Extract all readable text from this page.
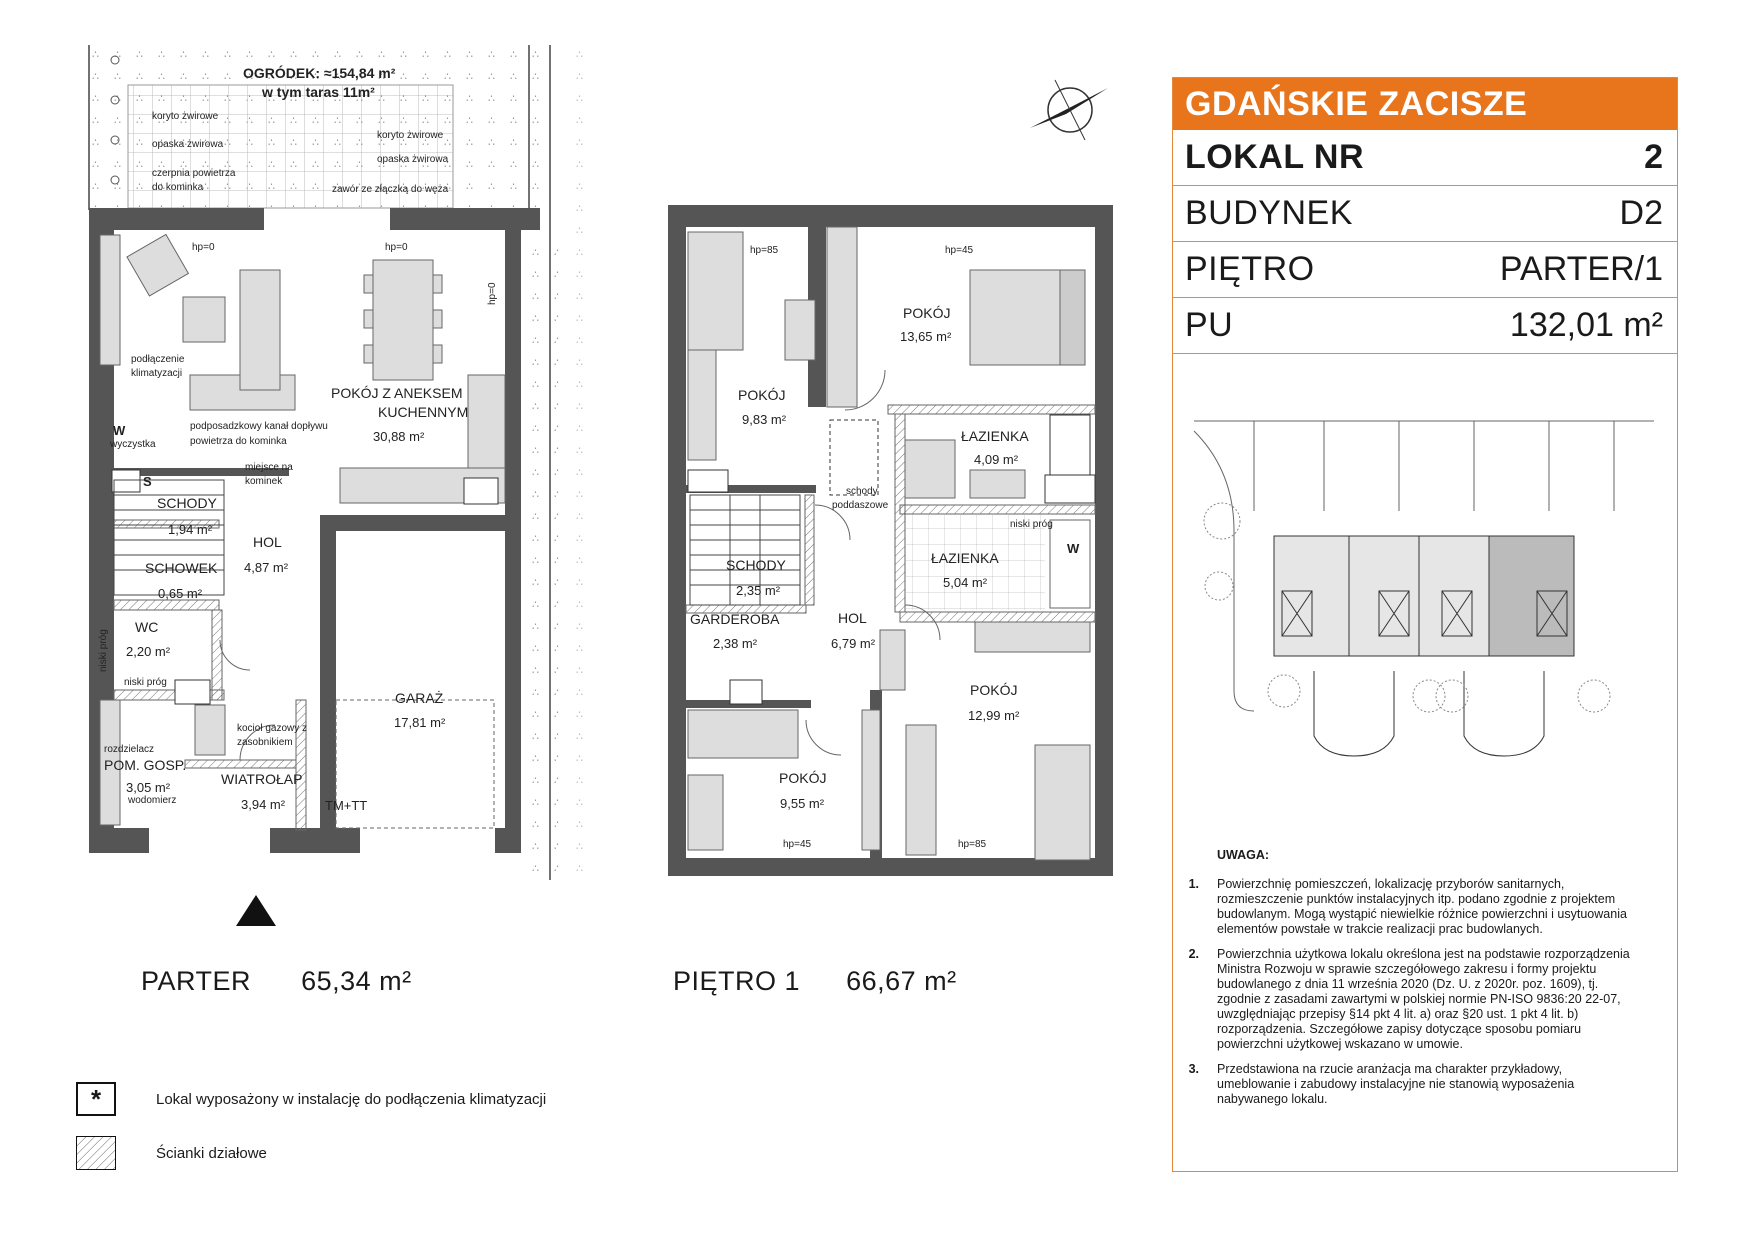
OGRÓDEK: ≈154,84 m²
w tym taras 11m²
koryto żwirowe
opaska żwirowa
czerpnia powietrza
do kominka
koryto żwirowe
opaska żwirowa
zawór ze złączką do węża
hp=0	hp=0
hp=0
podłączenie
klimatyzacji
podposadzkowy kanał dopływu
powietrza do kominka
wyczystka
miejsce na
kominek
kocioł gazowy z
zasobnikiem
rozdzielacz
wodomierz
niski próg
niski próg
TM+TT
W
S
POKÓJ Z ANEKSEM
KUCHENNYM
30,88 m²
SCHODY
1,94 m²
HOL
4,87 m²
SCHOWEK
0,65 m²
WC
2,20 m²
POM. GOSP.
3,05 m²
WIATROŁAP
3,94 m²
GARAŻ
17,81 m²
hp=85	hp=45
hp=45	hp=85
schody
poddaszowe
niski próg
W
POKÓJ
13,65 m²
POKÓJ
9,83 m²
ŁAZIENKA
4,09 m²
ŁAZIENKA
5,04 m²
SCHODY
2,35 m²
GARDEROBA
2,38 m²
HOL
6,79 m²
POKÓJ
12,99 m²
POKÓJ
9,55 m²
PARTER 65,34 m²	PIĘTRO 1 66,67 m²
*	Lokal wyposażony w instalację do podłączenia klimatyzacji
Ścianki działowe
GDAŃSKIE ZACISZE
LOKAL NR	2
BUDYNEK	D2
PIĘTRO	PARTER/1
PU	132,01 m²
UWAGA:
1.	Powierzchnię pomieszczeń, lokalizację przyborów sanitarnych, rozmieszczenie punktów instalacyjnych itp. podano zgodnie z projektem budowlanym. Mogą wystąpić niewielkie różnice powierzchni i usytuowania elementów powstałe w trakcie realizacji prac budowlanych.
2.	Powierzchnia użytkowa lokalu określona jest na podstawie rozporządzenia Ministra Rozwoju w sprawie szczegółowego zakresu i formy projektu budowlanego z dnia 11 września 2020 (Dz. U. z 2020r. poz. 1609), tj. zgodnie z zasadami zawartymi w polskiej normie PN-ISO 9836:20 22-07, uwzględniając przepisy §14 pkt 4 lit. a) oraz §20 ust. 1 pkt 4 lit. b) rozporządzenia. Szczegółowe zapisy dotyczące sposobu pomiaru powierzchni użytkowej wskazano w umowie.
3.	Przedstawiona na rzucie aranżacja ma charakter przykładowy, umeblowanie i zabudowy instalacyjne nie stanowią wyposażenia nabywanego lokalu.
